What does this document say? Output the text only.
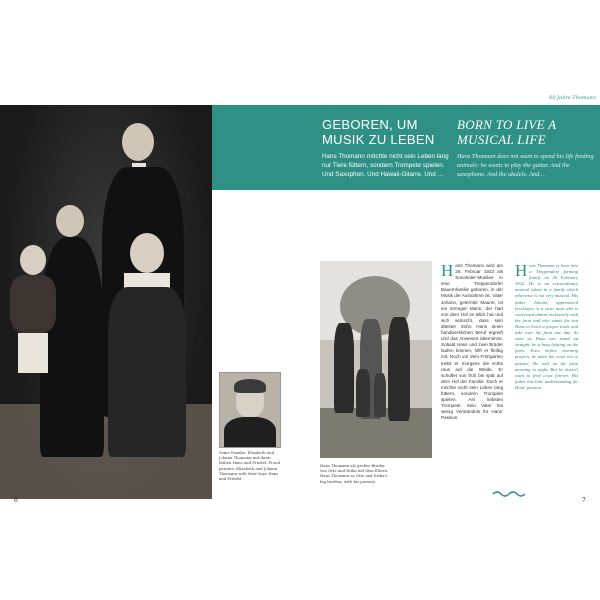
60 Jahre Thomann
GEBOREN, UM MUSIK ZU LEBEN
BORN TO LIVE A MUSICAL LIFE
Hans Thomann möchte nicht sein Leben lang nur Tiere füttern, sondern Trompete spielen. Und Saxophon. Und Hawaii-Gitarre. Und …
Hans Thomann does not want to spend his life feeding animals: he wants to play the guitar. And the saxophone. And the ukulele. And…
Seine Familie: Elisabeth und Johann Thomann mit ihren Buben Hans und Friedel. Proud parents: Elisabeth and Johann Thomann with their boys Hans and Friedel
Hans Thomann als großer Bruder von Otto und Erika mit dem Eltern. Hans Thomann as Otto and Erika's big brother, with his parents.
Hans Thomann wird am 26. Februar 1922 als Sonnleiter-Musiker in eine Treppendorfer Bauernfamilie geboren, in der Musik die Ausnahme ist. Vater Johann, gelernter Maurer, ist ein strenger Mann, der hart von dem Hof im Blick hat und sich wünscht, dass sein ältester Sohn Hans einen handwerklichen Beruf ergreift und das Anwesen übernimmt. Sobald Hans und zwei Brüder laufen können, hilft er fleißig mit. Noch vor dem Frühgarten treibt er morgens die Kühe raus auf die Weide. Er schuftet von früh bis spät auf dem Hof der Familie. Doch er möchte nicht sein Leben lang füttern, sondern Trompete spielen. Am liebsten Trompete. Sein Vater hat wenig Verständnis für Hans' Passion.
Hans Thomann is born into a Treppendorf farming family on 26 February 1922. He is an extraordinary musical talent in a family which otherwise is not very musical. His father Johann, apprenticed bricklayer, is a strict man who is concerned almost exclusively with the farm and who wants his son Hans to learn a proper trade and take over the farm one day. As soon as Hans can stand up straight, he is busy helping on the farm. Even before morning prayers, he takes the cows out to pasture. He toils on the farm morning to night. But he doesn't want to feed cows forever. His father has little understanding for Hans' passion.
6	7
